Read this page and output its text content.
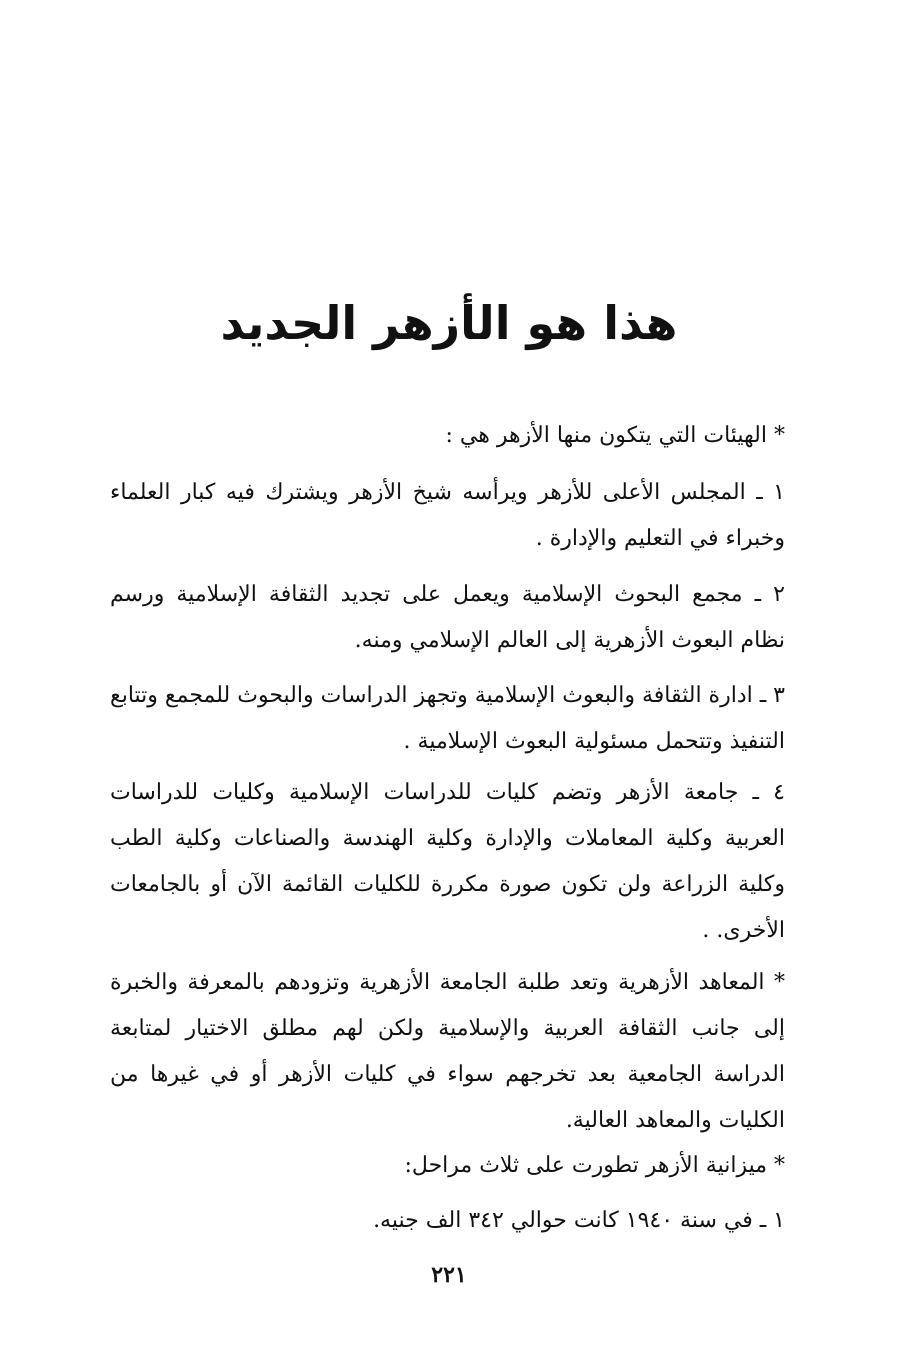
هذا هو الأزهر الجديد
* الهيئات التي يتكون منها الأزهر هي :
١ ـ المجلس الأعلى للأزهر ويرأسه شيخ الأزهر ويشترك فيه كبار العلماء وخبراء في التعليم والإدارة .
٢ ـ مجمع البحوث الإسلامية ويعمل على تجديد الثقافة الإسلامية ورسم نظام البعوث الأزهرية إلى العالم الإسلامي ومنه.
٣ ـ ادارة الثقافة والبعوث الإسلامية وتجهز الدراسات والبحوث للمجمع وتتابع التنفيذ وتتحمل مسئولية البعوث الإسلامية .
٤ ـ جامعة الأزهر وتضم كليات للدراسات الإسلامية وكليات للدراسات العربية وكلية المعاملات والإدارة وكلية الهندسة والصناعات وكلية الطب وكلية الزراعة ولن تكون صورة مكررة للكليات القائمة الآن أو بالجامعات الأخرى. .
* المعاهد الأزهرية وتعد طلبة الجامعة الأزهرية وتزودهم بالمعرفة والخبرة إلى جانب الثقافة العربية والإسلامية ولكن لهم مطلق الاختيار لمتابعة الدراسة الجامعية بعد تخرجهم سواء في كليات الأزهر أو في غيرها من الكليات والمعاهد العالية.
* ميزانية الأزهر تطورت على ثلاث مراحل:
١ ـ في سنة ١٩٤٠ كانت حوالي ٣٤٢ الف جنيه.
٢٢١
